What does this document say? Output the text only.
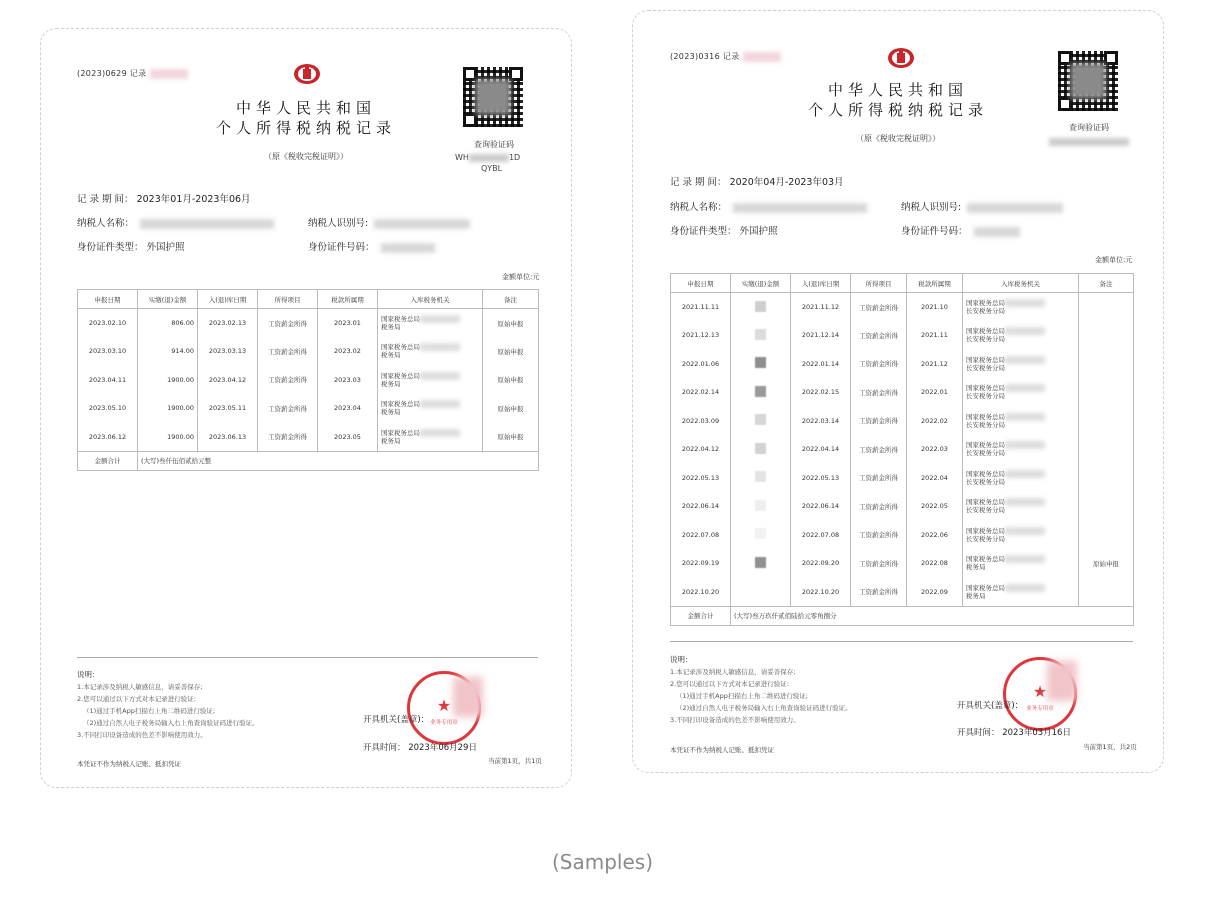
(2023)0629 记录
中华人民共和国
个人所得税纳税记录
（原《税收完税证明》）
查询验证码
WH	1D
QYBL
记 录 期 间： 2023年01月-2023年06月
纳税人名称：	纳税人识别号:
身份证件类型： 外国护照	身份证件号码：
金额单位:元
申报日期	实缴(退)金额	入(退)库日期	所得项目	税款所属期	入库税务机关	备注
2023.02.10	806.00	2023.02.13	工资薪金所得	2023.01	国家税务总局
税务局	原始申报
2023.03.10	914.00	2023.03.13	工资薪金所得	2023.02	国家税务总局
税务局	原始申报
2023.04.11	1900.00	2023.04.12	工资薪金所得	2023.03	国家税务总局
税务局	原始申报
2023.05.10	1900.00	2023.05.11	工资薪金所得	2023.04	国家税务总局
税务局	原始申报
2023.06.12	1900.00	2023.06.13	工资薪金所得	2023.05	国家税务总局
税务局	原始申报
金额合计	(大写)叁仟伍佰贰拾元整					
说明：
1.本记录涉及纳税人敏感信息，请妥善保存;
2.您可以通过以下方式对本记录进行验证:
（1)通过手机App扫描右上角二维码进行验证;
（2)通过自然人电子税务局输入右上角查询验证码进行验证。
3.不同打印设备造成的色差不影响使用效力。
★
业务专用章
开具机关(盖章)：
开具时间： 2023年06月29日
本凭证不作为纳税人记账、抵扣凭证	当前第1页，共1页
(2023)0316 记录
中华人民共和国
个人所得税纳税记录
（原《税收完税证明》）
查询验证码
记 录 期 间： 2020年04月-2023年03月
纳税人名称：	纳税人识别号:
身份证件类型： 外国护照	身份证件号码：
金额单位:元
申报日期	实缴(退)金额	入(退)库日期	所得项目	税款所属期	入库税务机关	备注
2021.11.11		2021.11.12	工资薪金所得	2021.10	国家税务总局
长安税务分局	

2021.12.13		2021.12.14	工资薪金所得	2021.11	国家税务总局
长安税务分局	

2022.01.06		2022.01.14	工资薪金所得	2021.12	国家税务总局
长安税务分局	

2022.02.14		2022.02.15	工资薪金所得	2022.01	国家税务总局
长安税务分局	

2022.03.09		2022.03.14	工资薪金所得	2022.02	国家税务总局
长安税务分局	

2022.04.12		2022.04.14	工资薪金所得	2022.03	国家税务总局
长安税务分局	

2022.05.13		2022.05.13	工资薪金所得	2022.04	国家税务总局
长安税务分局	

2022.06.14		2022.06.14	工资薪金所得	2022.05	国家税务总局
长安税务分局	

2022.07.08		2022.07.08	工资薪金所得	2022.06	国家税务总局
长安税务分局	

2022.09.19		2022.09.20	工资薪金所得	2022.08	国家税务总局
税务局	原始申报
2022.10.20		2022.10.20	工资薪金所得	2022.09	国家税务总局
税务局	

金额合计	(大写)叁万玖仟贰佰陆拾元零角捌分					
说明：
1.本记录涉及纳税人敏感信息，请妥善保存;
2.您可以通过以下方式对本记录进行验证:
（1)通过手机App扫描右上角二维码进行验证;
（2)通过自然人电子税务局输入右上角查询验证码进行验证。
3.不同打印设备造成的色差不影响使用效力。
★
业务专用章
开具机关(盖章)：
开具时间： 2023年03月16日
本凭证不作为纳税人记账、抵扣凭证	当前第1页，共2页
(Samples)
